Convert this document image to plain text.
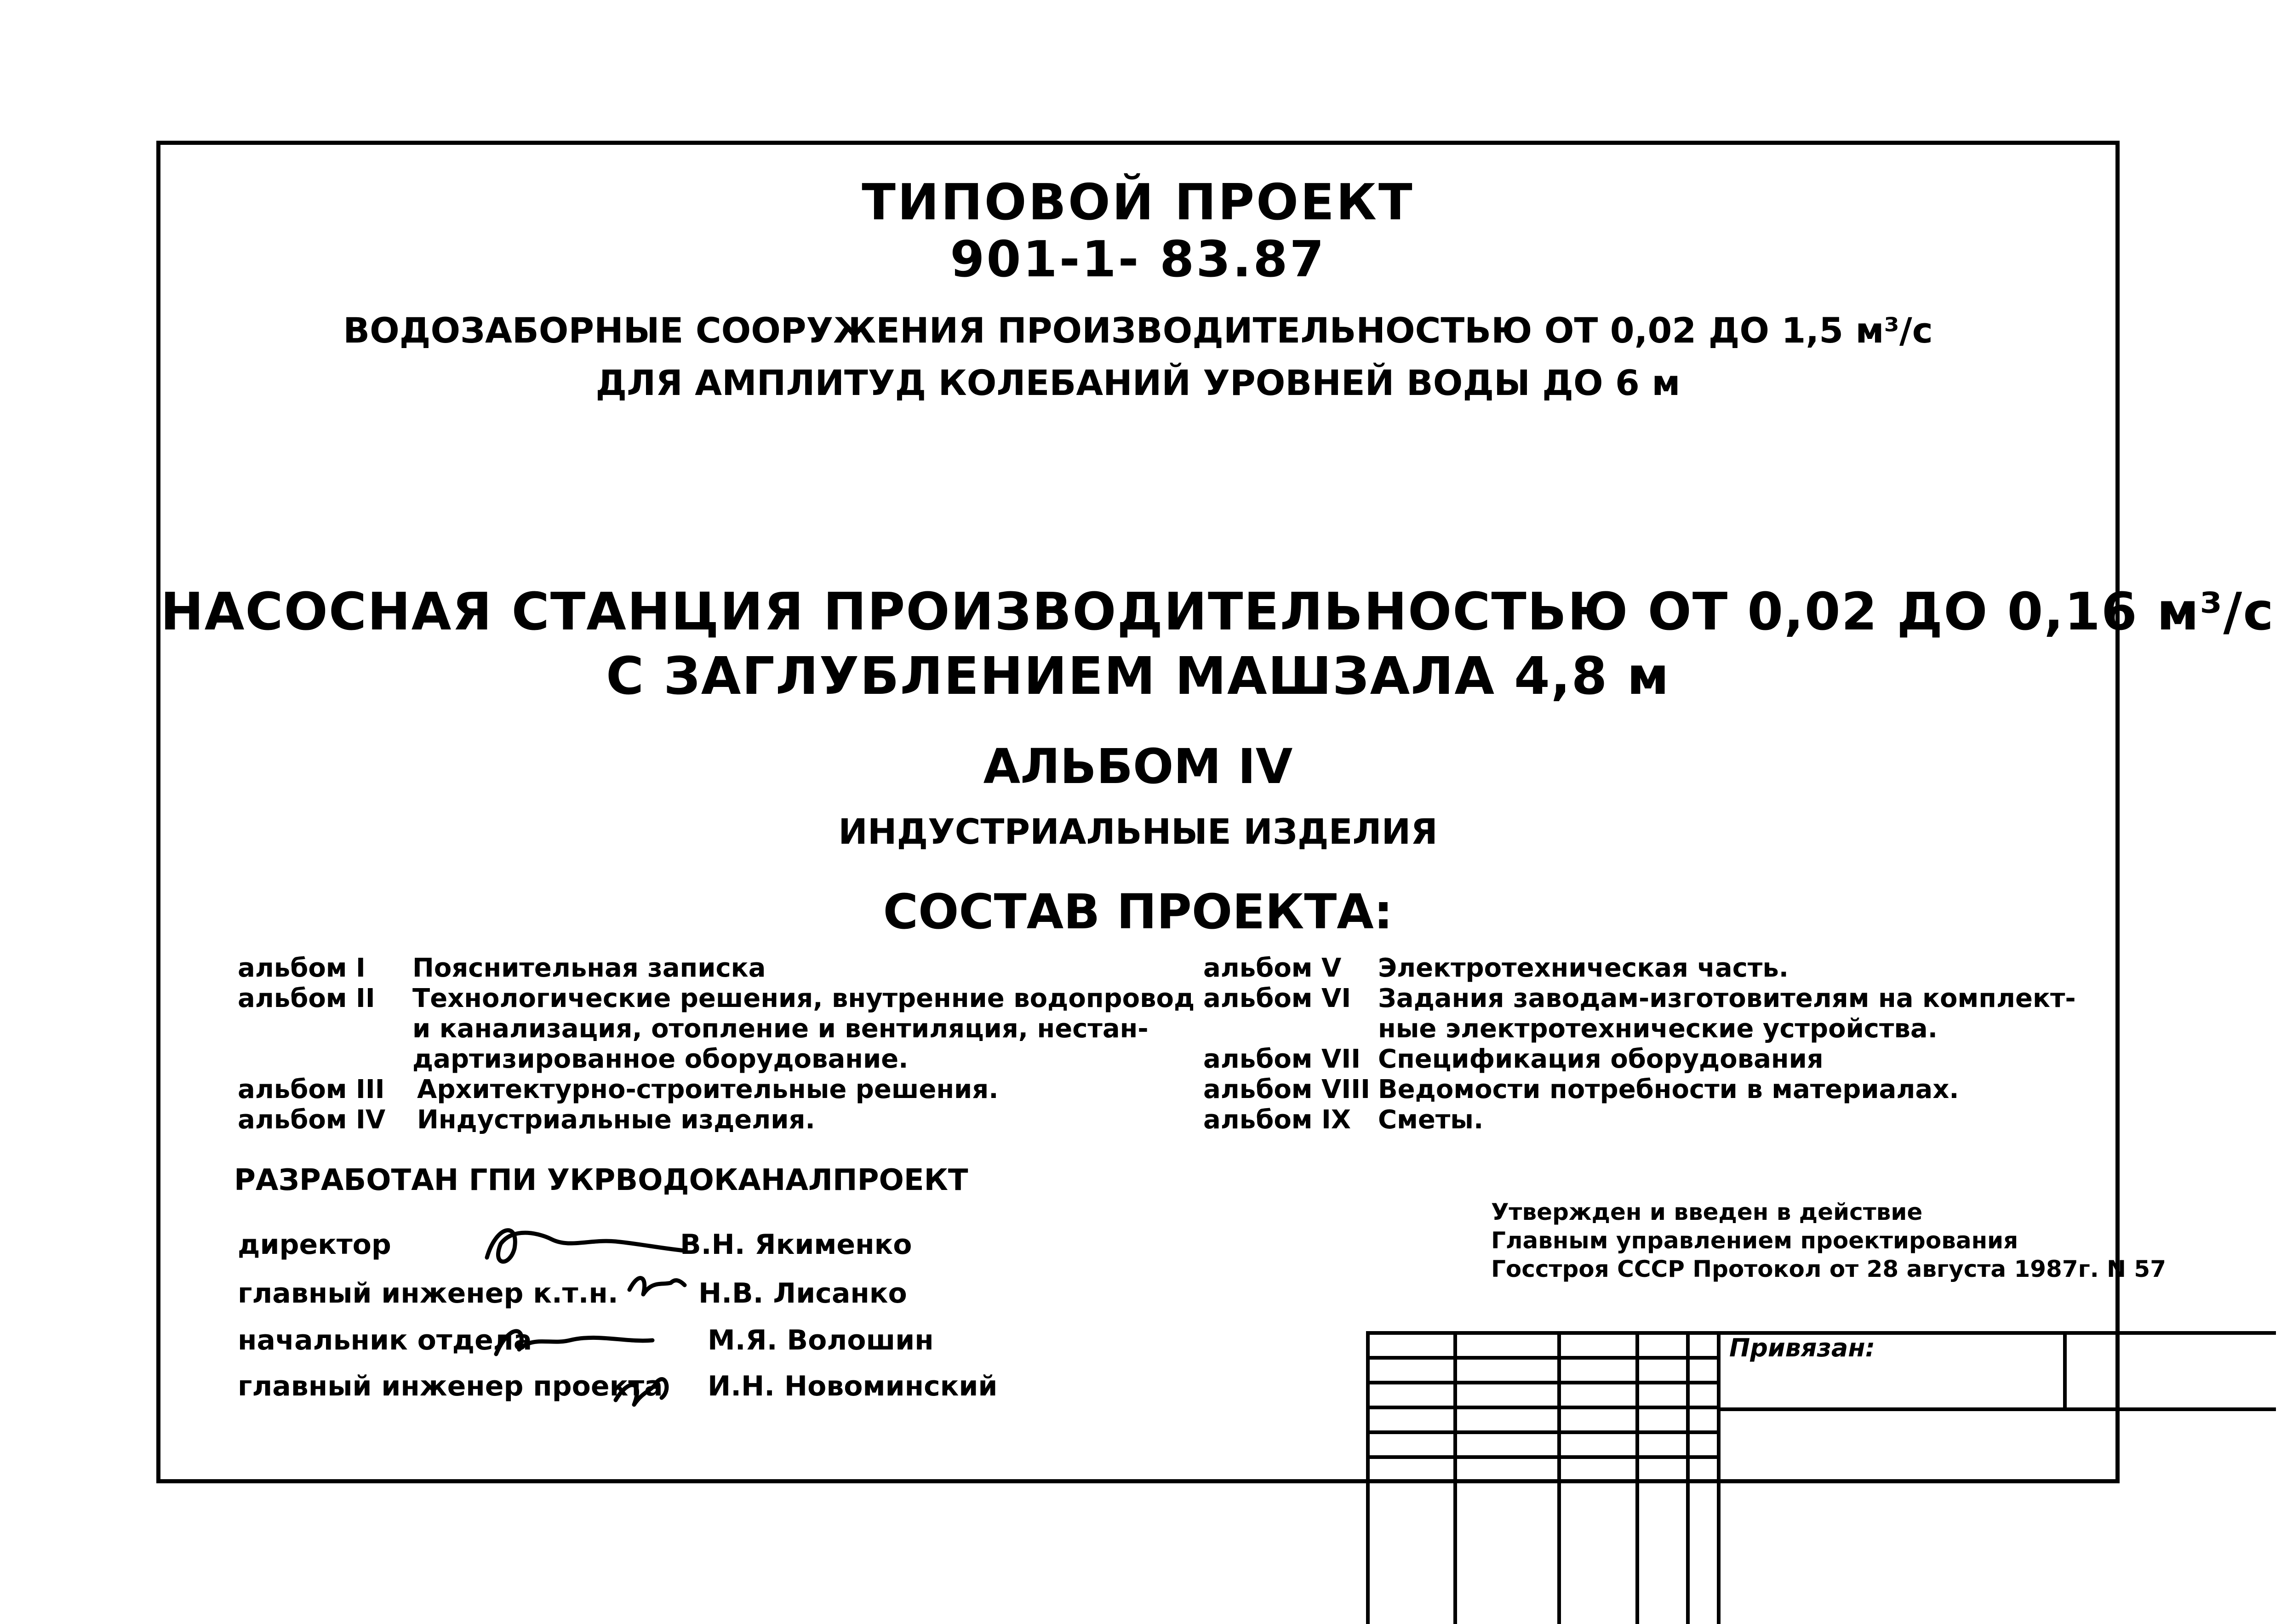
ТИПОВОЙ ПРОЕКТ
901-1- 83.87
ВОДОЗАБОРНЫЕ СООРУЖЕНИЯ ПРОИЗВОДИТЕЛЬНОСТЬЮ ОТ 0,02 ДО 1,5 м³/с
ДЛЯ АМПЛИТУД КОЛЕБАНИЙ УРОВНЕЙ ВОДЫ ДО 6 м
НАСОСНАЯ СТАНЦИЯ ПРОИЗВОДИТЕЛЬНОСТЬЮ ОТ 0,02 ДО 0,16 м³/с
С ЗАГЛУБЛЕНИЕМ МАШЗАЛА 4,8 м
АЛЬБОМ IV
ИНДУСТРИАЛЬНЫЕ ИЗДЕЛИЯ
СОСТАВ ПРОЕКТА:
альбом I Пояснительная записка
альбом II Технологические решения, внутренние водопровод
и канализация, отопление и вентиляция, нестан-
дартизированное оборудование.
альбом III Архитектурно-строительные решения.
альбом IV Индустриальные изделия.
альбом V Электротехническая часть.
альбом VI Задания заводам-изготовителям на комплект-
ные электротехнические устройства.
альбом VII Спецификация оборудования
альбом VIII Ведомости потребности в материалах.
альбом IX Сметы.
РАЗРАБОТАН ГПИ УКРВОДОКАНАЛПРОЕКТ
директор	В.Н. Якименко
главный инженер к.т.н.	Н.В. Лисанко
начальник отдела	М.Я. Волошин
главный инженер проекта И.Н. Новоминский
Утвержден и введен в действие
Главным управлением проектирования
Госстроя СССР Протокол от 28 августа 1987г. N 57
Привязан:
